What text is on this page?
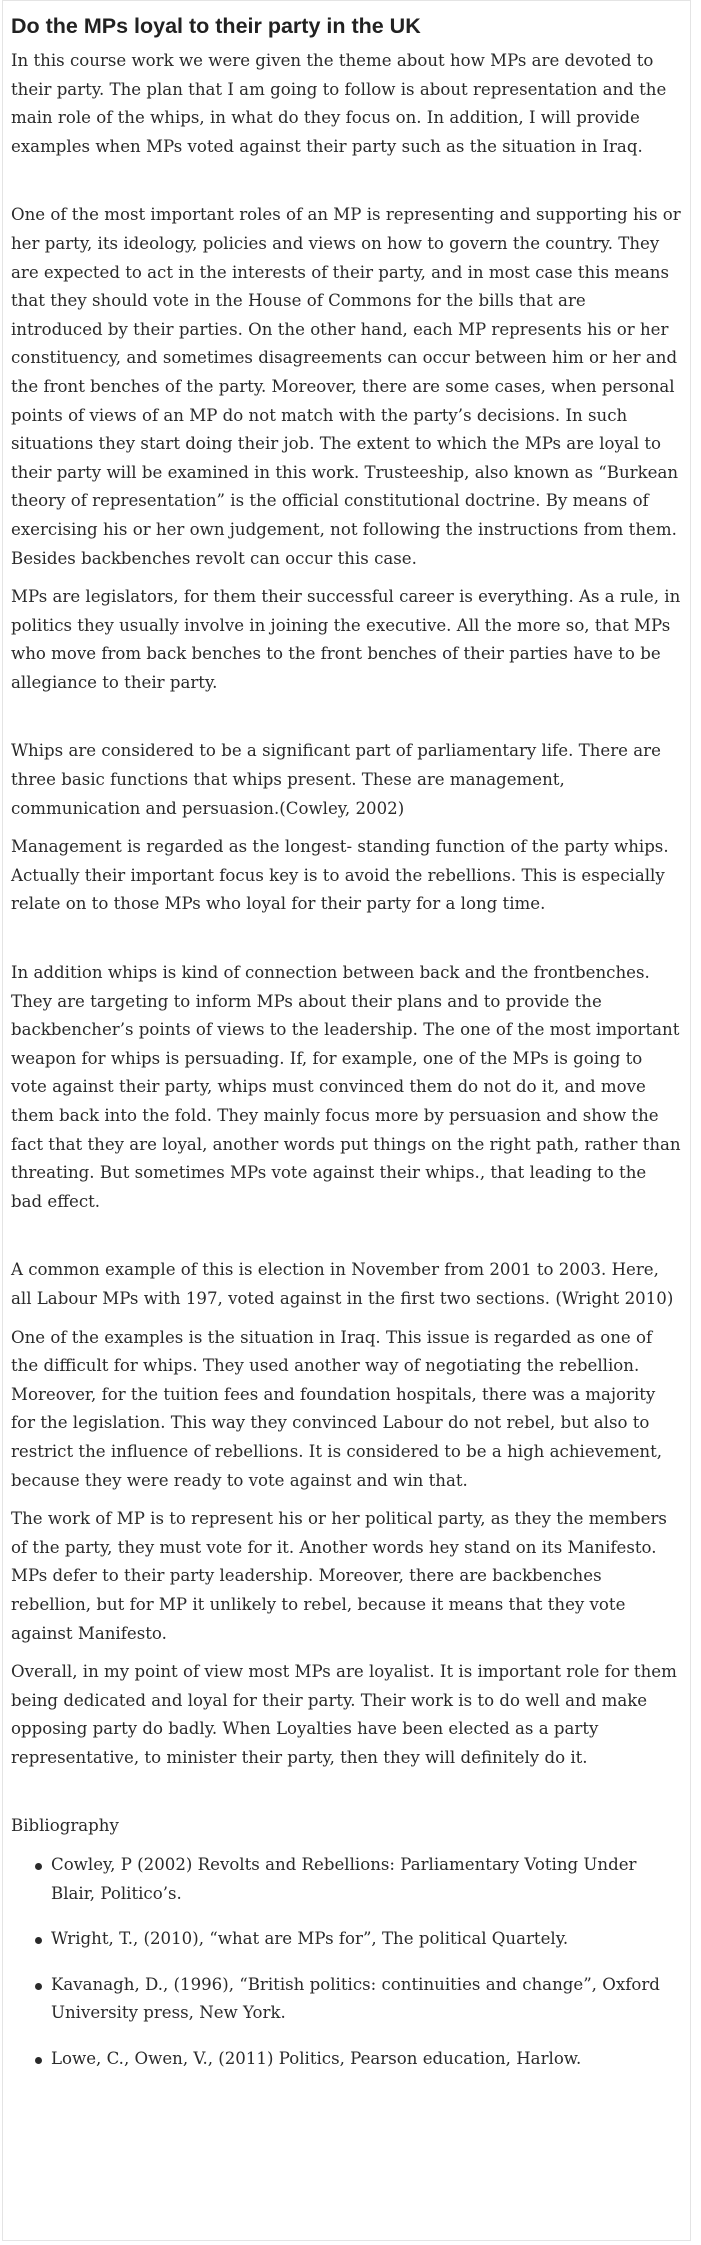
Do the MPs loyal to their party in the UK

In this course work we were given the theme about how MPs are devoted to their party. The plan that I am going to follow is about representation and the main role of the whips, in what do they focus on. In addition, I will provide examples when MPs voted against their party such as the situation in Iraq.

One of the most important roles of an MP is representing and supporting his or her party, its ideology, policies and views on how to govern the country. They are expected to act in the interests of their party, and in most case this means that they should vote in the House of Commons for the bills that are introduced by their parties. On the other hand, each MP represents his or her constituency, and sometimes disagreements can occur between him or her and the front benches of the party. Moreover, there are some cases, when personal points of views of an MP do not match with the party’s decisions. In such situations they start doing their job. The extent to which the MPs are loyal to their party will be examined in this work. Trusteeship, also known as “Burkean theory of representation” is the official constitutional doctrine. By means of exercising his or her own judgement, not following the instructions from them. Besides backbenches revolt can occur this case.

MPs are legislators, for them their successful career is everything. As a rule, in politics they usually involve in joining the executive. All the more so, that MPs who move from back benches to the front benches of their parties have to be allegiance to their party.

Whips are considered to be a significant part of parliamentary life. There are three basic functions that whips present. These are management, communication and persuasion.(Cowley, 2002)

Management is regarded as the longest- standing function of the party whips. Actually their important focus key is to avoid the rebellions. This is especially relate on to those MPs who loyal for their party for a long time.

In addition whips is kind of connection between back and the frontbenches. They are targeting to inform MPs about their plans and to provide the backbencher’s points of views to the leadership. The one of the most important weapon for whips is persuading. If, for example, one of the MPs is going to vote against their party, whips must convinced them do not do it, and move them back into the fold. They mainly focus more by persuasion and show the fact that they are loyal, another words put things on the right path, rather than threating. But sometimes MPs vote against their whips., that leading to the bad effect.

A common example of this is election in November from 2001 to 2003. Here, all Labour MPs with 197, voted against in the first two sections. (Wright 2010)

One of the examples is the situation in Iraq. This issue is regarded as one of the difficult for whips. They used another way of negotiating the rebellion. Moreover, for the tuition fees and foundation hospitals, there was a majority for the legislation. This way they convinced Labour do not rebel, but also to restrict the influence of rebellions. It is considered to be a high achievement, because they were ready to vote against and win that.

The work of MP is to represent his or her political party, as they the members of the party, they must vote for it. Another words hey stand on its Manifesto. MPs defer to their party leadership. Moreover, there are backbenches rebellion, but for MP it unlikely to rebel, because it means that they vote against Manifesto.

Overall, in my point of view most MPs are loyalist. It is important role for them being dedicated and loyal for their party. Their work is to do well and make opposing party do badly. When Loyalties have been elected as a party representative, to minister their party, then they will definitely do it.

Bibliography
Cowley, P (2002) Revolts and Rebellions: Parliamentary Voting Under Blair, Politico’s.
Wright, T., (2010), “what are MPs for”, The political Quartely.
Kavanagh, D., (1996), “British politics: continuities and change”, Oxford University press, New York.
Lowe, C., Owen, V., (2011) Politics, Pearson education, Harlow.
